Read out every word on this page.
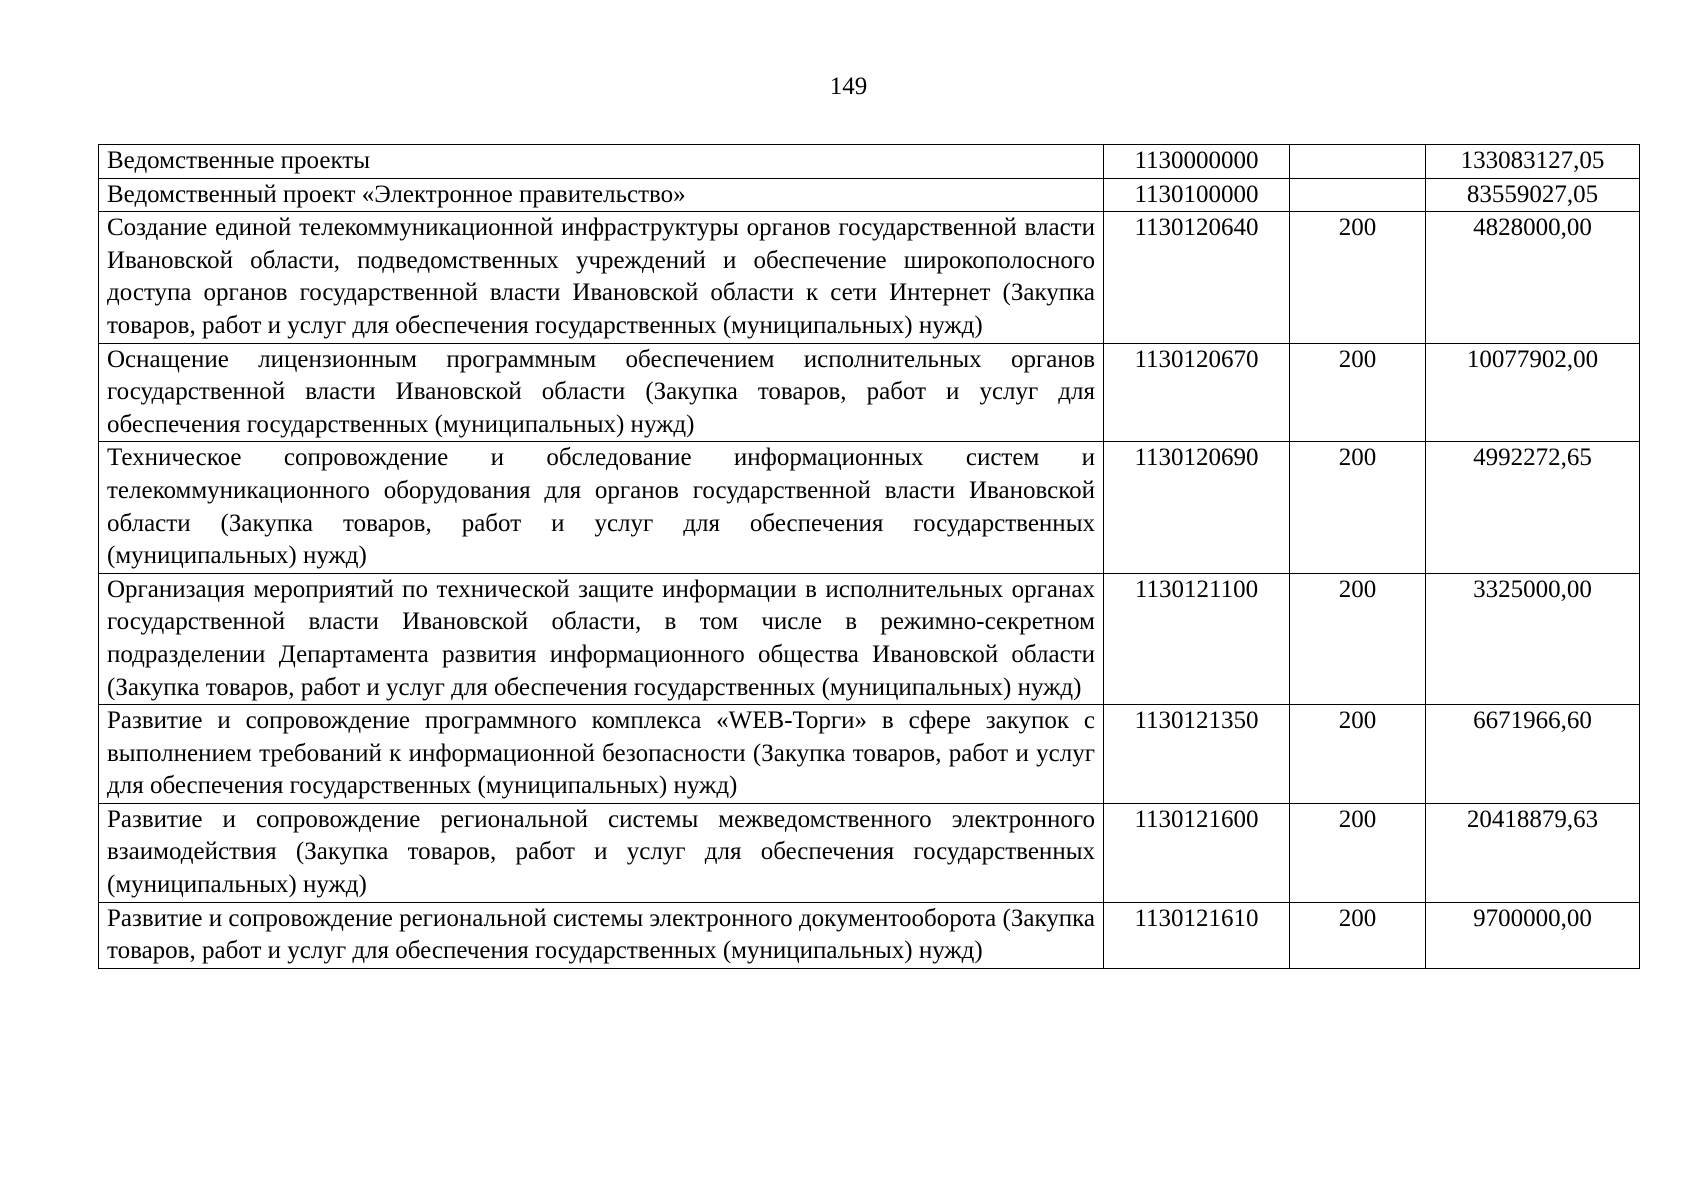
149
Ведомственные проекты	1130000000		133083127,05
Ведомственный проект «Электронное правительство»	1130100000		83559027,05
Создание единой телекоммуникационной инфраструктуры органов государственной власти Ивановской области, подведомственных учреждений и обеспечение широкополосного доступа органов государственной власти Ивановской области к сети Интернет (Закупка товаров, работ и услуг для обеспечения государственных (муниципальных) нужд)	1130120640	200	4828000,00
Оснащение лицензионным программным обеспечением исполнительных органов государственной власти Ивановской области (Закупка товаров, работ и услуг для обеспечения государственных (муниципальных) нужд)	1130120670	200	10077902,00
Техническое сопровождение и обследование информационных систем и телекоммуникационного оборудования для органов государственной власти Ивановской области (Закупка товаров, работ и услуг для обеспечения государственных (муниципальных) нужд)	1130120690	200	4992272,65
Организация мероприятий по технической защите информации в исполнительных органах государственной власти Ивановской области, в том числе в режимно-секретном подразделении Департамента развития информационного общества Ивановской области (Закупка товаров, работ и услуг для обеспечения государственных (муниципальных) нужд)	1130121100	200	3325000,00
Развитие и сопровождение программного комплекса «WEB-Торги» в сфере закупок с выполнением требований к информационной безопасности (Закупка товаров, работ и услуг для обеспечения государственных (муниципальных) нужд)	1130121350	200	6671966,60
Развитие и сопровождение региональной системы межведомственного электронного взаимодействия (Закупка товаров, работ и услуг для обеспечения государственных (муниципальных) нужд)	1130121600	200	20418879,63
Развитие и сопровождение региональной системы электронного документооборота (Закупка товаров, работ и услуг для обеспечения государственных (муниципальных) нужд)	1130121610	200	9700000,00
